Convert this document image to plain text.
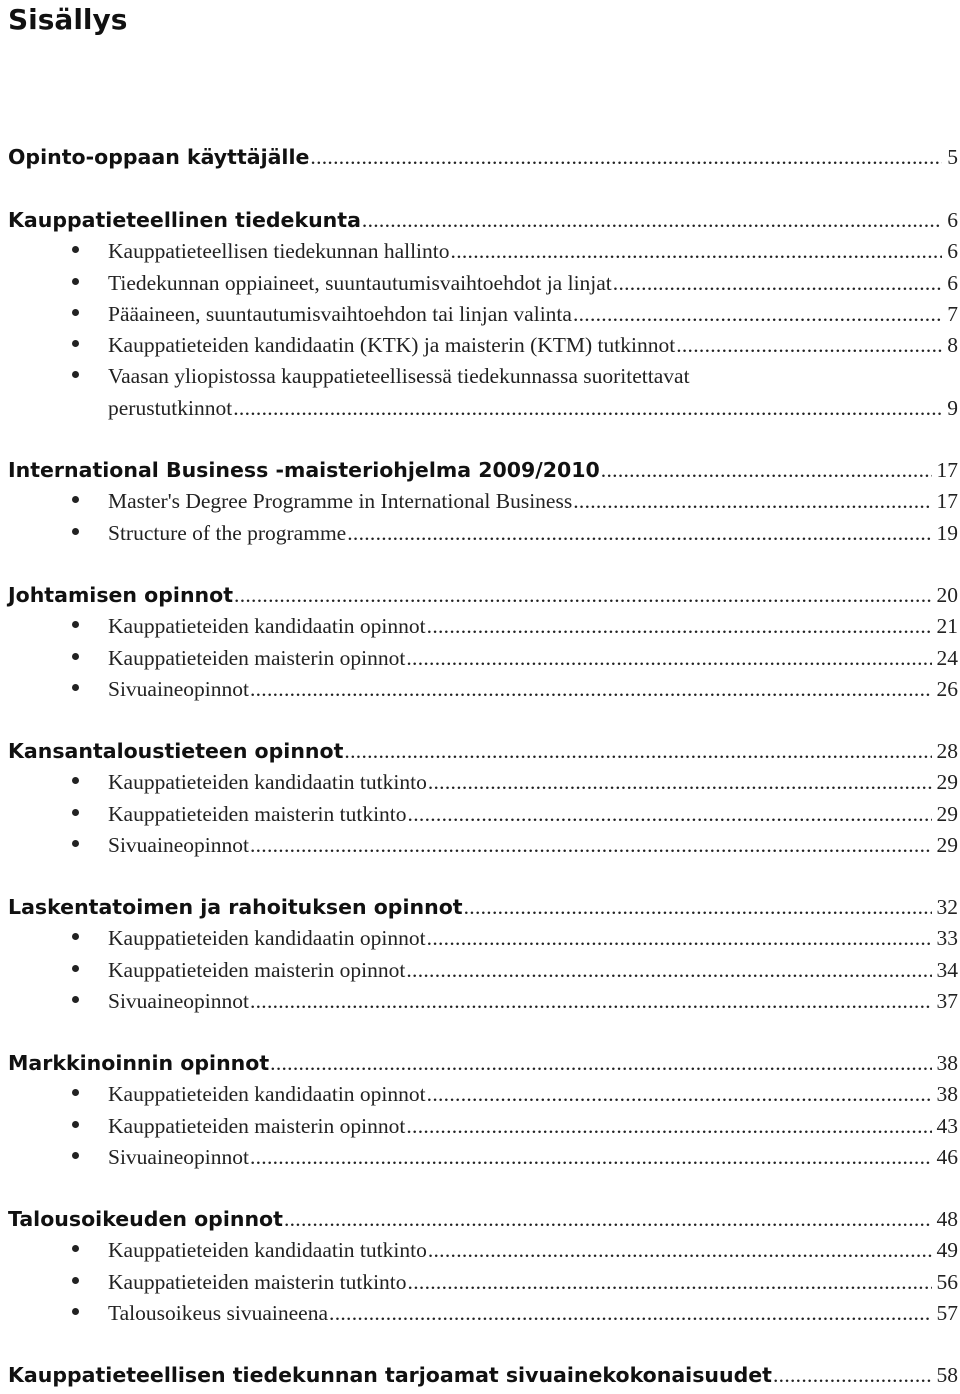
Sisällys
Opinto-oppaan käyttäjälle .....	5
Kauppatieteellinen tiedekunta .....	6
Kauppatieteellisen tiedekunnan hallinto .....	6
Tiedekunnan oppiaineet, suuntautumisvaihtoehdot ja linjat .....	6
Pääaineen, suuntautumisvaihtoehdon tai linjan valinta .....	7
Kauppatieteiden kandidaatin (KTK) ja maisterin (KTM) tutkinnot .....	8
Vaasan yliopistossa kauppatieteellisessä tiedekunnassa suoritettavat
perustutkinnot .....	9
International Business -maisteriohjelma 2009/2010 .....	17
Master's Degree Programme in International Business .....	17
Structure of the programme .....	19
Johtamisen opinnot .....	20
Kauppatieteiden kandidaatin opinnot .....	21
Kauppatieteiden maisterin opinnot .....	24
Sivuaineopinnot .....	26
Kansantaloustieteen opinnot .....	28
Kauppatieteiden kandidaatin tutkinto .....	29
Kauppatieteiden maisterin tutkinto .....	29
Sivuaineopinnot .....	29
Laskentatoimen ja rahoituksen opinnot .....	32
Kauppatieteiden kandidaatin opinnot .....	33
Kauppatieteiden maisterin opinnot .....	34
Sivuaineopinnot .....	37
Markkinoinnin opinnot .....	38
Kauppatieteiden kandidaatin opinnot .....	38
Kauppatieteiden maisterin opinnot .....	43
Sivuaineopinnot .....	46
Talousoikeuden opinnot .....	48
Kauppatieteiden kandidaatin tutkinto .....	49
Kauppatieteiden maisterin tutkinto .....	56
Talousoikeus sivuaineena .....	57
Kauppatieteellisen tiedekunnan tarjoamat sivuainekokonaisuudet .....	58
